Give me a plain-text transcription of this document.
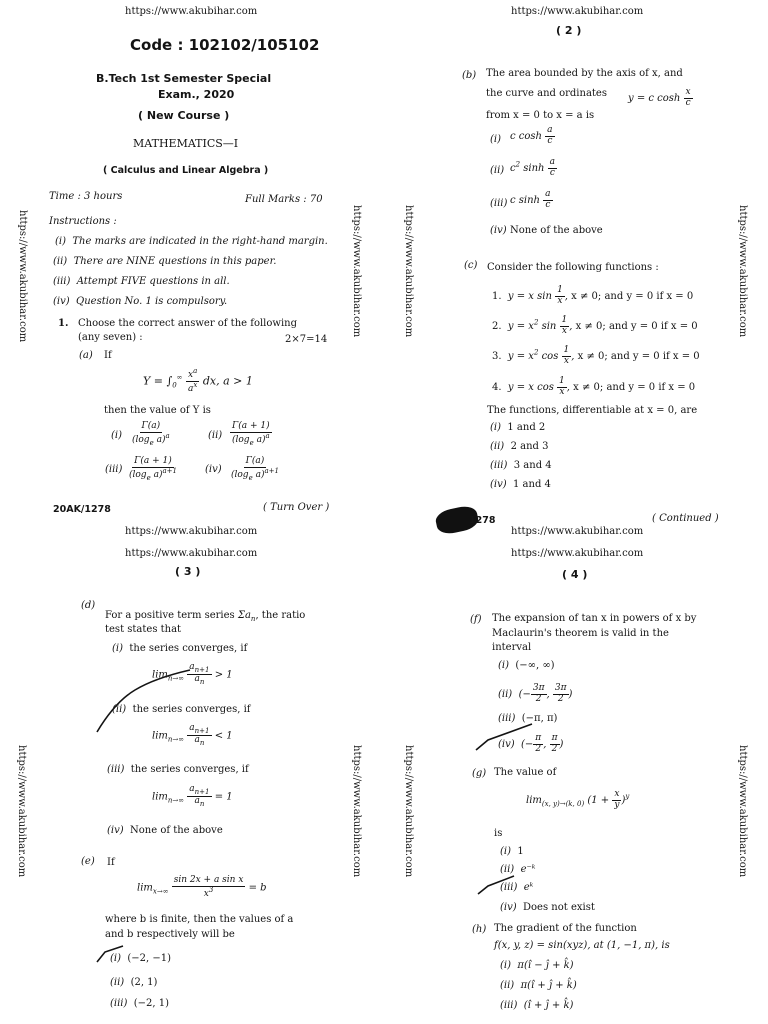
https://www.akubihar.com
https://www.akubihar.com	https://www.akubihar.com
Code : 102102/105102
B.Tech 1st Semester Special
Exam., 2020
( New Course )
MATHEMATICS—I
( Calculus and Linear Algebra )
Time : 3 hours	Full Marks : 70
Instructions :
(i) The marks are indicated in the right-hand margin.
(ii) There are NINE questions in this paper.
(iii) Attempt FIVE questions in all.
(iv) Question No. 1 is compulsory.
1. Choose the correct answer of the following
(any seven) :	2×7=14
(a) If
$Y = \int_0^\infty \frac{x^a}{a^x}$ dx, a > 1
then the value of Y is
$(i) \frac{\Gamma(a)}{(\log_e a)^a}$	$(ii) \frac{\Gamma(a + 1)}{(\log_e a)^a}$
$(iii) \frac{\Gamma(a + 1)}{(\log_e a)^{a+1}}$	$(iv) \frac{\Gamma(a)}{(\log_e a)^{a+1}}$
20AK/1278	( Turn Over )
https://www.akubihar.com
( 2 )
https://www.akubihar.com	https://www.akubihar.com
(b) The area bounded by the axis of x, and
the curve and ordinates y = c $\cosh \frac{x}{c}$
from x = 0 to x = a is
(i) c $\cosh \frac{a}{c}$
(ii) $c^2$ $\sinh \frac{a}{c}$
(iii) c $\sinh \frac{a}{c}$
(iv) None of the above
(c) Consider the following functions :
1. y = x $\sin \frac{1}{x}$ , x ≠ 0; and y = 0 if x = 0
2. $y = x^2$ $\sin \frac{1}{x}$ , x ≠ 0; and y = 0 if x = 0
3. $y = x^2$ $\cos \frac{1}{x}$ , x ≠ 0; and y = 0 if x = 0
4. y = x $\cos \frac{1}{x}$ , x ≠ 0; and y = 0 if x = 0
The functions, differentiable at x = 0, are
(i) 1 and 2
(ii) 2 and 3
(iii) 3 and 4
(iv) 1 and 4
1278	( Continued )
https://www.akubihar.com
https://www.akubihar.com
( 3 )
https://www.akubihar.com	https://www.akubihar.com
(d)
For a positive term series $\Sigma a_n$, the ratio
test states that
(i) the series converges, if
$\lim_{n\to\infty} \frac{a_{n+1}}{a_n} > 1$
(ii) the series converges, if
$\lim_{n\to\infty} \frac{a_{n+1}}{a_n} < 1$
(iii) the series converges, if
$\lim_{n\to\infty} \frac{a_{n+1}}{a_n} = 1$
(iv) None of the above
(e) If
$\lim_{x\to\infty} \frac{\text{sin 2x + a sin x}}{x^3} = b$
where b is finite, then the values of a
and b respectively will be
(i) (−2, −1)
(ii) (2, 1)
(iii) (−2, 1)
https://www.akubihar.com
https://www.akubihar.com
( 4 )
https://www.akubihar.com	https://www.akubihar.com
(f) The expansion of tan x in powers of x by
Maclaurin's theorem is valid in the
interval
(i) (−∞, ∞)
(ii) (− $\frac{3\pi}{2}$ , $\frac{3\pi}{2}$ )
(iii) (−π, π)
(iv) (− $\frac{\pi}{2}$ , $\frac{\pi}{2}$ )
(g) The value of
$\lim_{(x, y)\to(k, 0)} (1 + \frac{x}{y} )^y$
is
(i) 1
(ii) e⁻ᵏ
(iii) eᵏ
(iv) Does not exist
(h) The gradient of the function
f(x, y, z) = sin(xyz), at (1, −1, π), is
(i) π(î − ĵ + k̂)
(ii) π(î + ĵ + k̂)
(iii) (î + ĵ + k̂)
